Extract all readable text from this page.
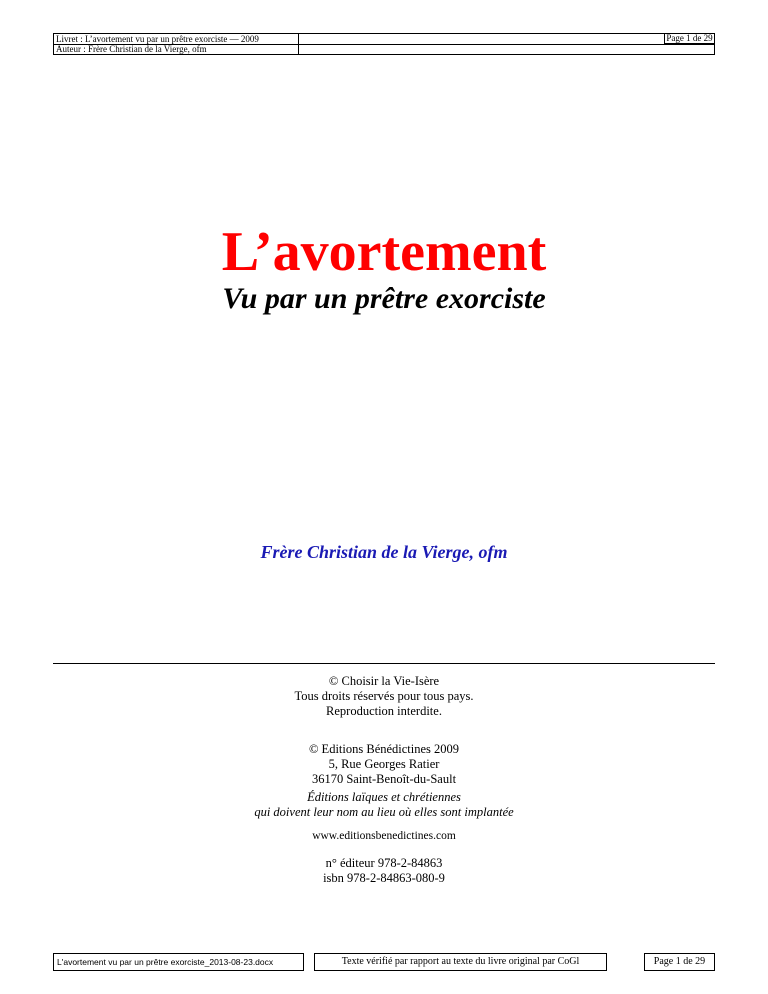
Livret : L’avortement vu par un prêtre exorciste — 2009
Auteur : Frère Christian de la Vierge, ofm
Page 1 de 29
L’avortement
Vu par un prêtre exorciste
Frère Christian de la Vierge, ofm
© Choisir la Vie-Isère
Tous droits réservés pour tous pays.
Reproduction interdite.
© Editions Bénédictines 2009
5, Rue Georges Ratier
36170 Saint-Benoît-du-Sault
Éditions laïques et chrétiennes
qui doivent leur nom au lieu où elles sont implantée
www.editionsbenedictines.com
n° éditeur 978-2-84863
isbn 978-2-84863-080-9
L'avortement vu par un prêtre exorciste_2013-08-23.docx	Texte vérifié par rapport au texte du livre original par CoGl	Page 1 de 29
